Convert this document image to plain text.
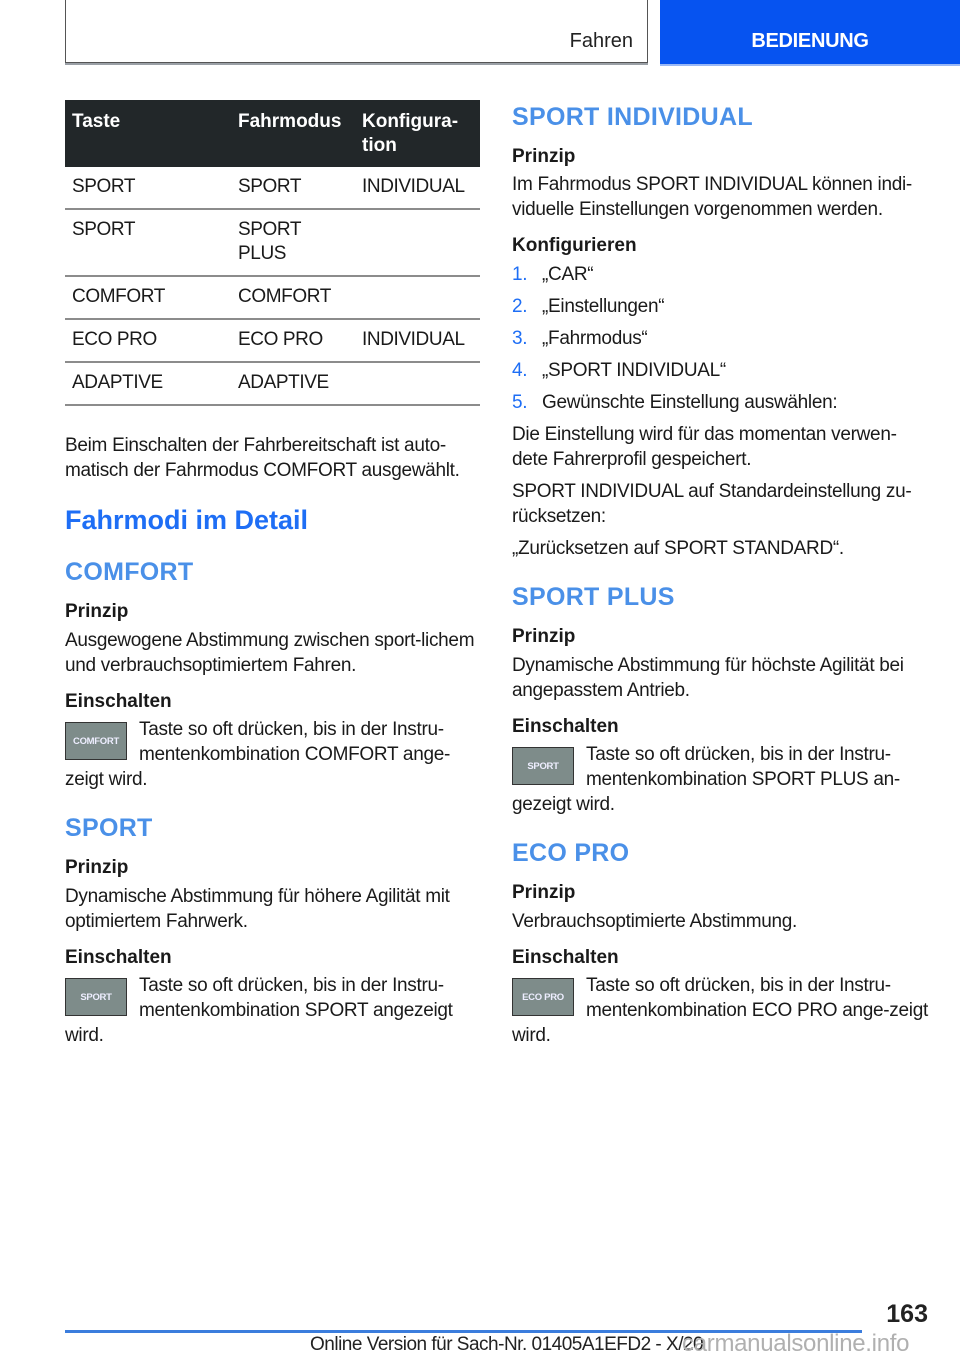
Fahren	BEDIENUNG
Taste	Fahrmodus	Konfigura-
tion
SPORT	SPORT	INDIVIDUAL
SPORT	SPORT PLUS	
COMFORT	COMFORT	
ECO PRO	ECO PRO	INDIVIDUAL
ADAPTIVE	ADAPTIVE	

Beim Einschalten der Fahrbereitschaft ist auto-matisch der Fahrmodus COMFORT ausgewählt.

Fahrmodi im Detail

COMFORT

Prinzip

Ausgewogene Abstimmung zwischen sport-lichem und verbrauchsoptimiertem Fahren.

Einschalten

COMFORT

Taste so oft drücken, bis in der Instru-mentenkombination COMFORT ange-zeigt wird.

SPORT

Prinzip

Dynamische Abstimmung für höhere Agilität mit optimiertem Fahrwerk.

Einschalten

SPORT

Taste so oft drücken, bis in der Instru-mentenkombination SPORT angezeigt wird.

SPORT INDIVIDUAL

Prinzip

Im Fahrmodus SPORT INDIVIDUAL können indi-viduelle Einstellungen vorgenommen werden.

Konfigurieren

1. „CAR“
2. „Einstellungen“
3. „Fahrmodus“
4. „SPORT INDIVIDUAL“
5. Gewünschte Einstellung auswählen:

Die Einstellung wird für das momentan verwen-dete Fahrerprofil gespeichert.

SPORT INDIVIDUAL auf Standardeinstellung zu-rücksetzen:

„Zurücksetzen auf SPORT STANDARD“.

SPORT PLUS

Prinzip

Dynamische Abstimmung für höchste Agilität bei angepasstem Antrieb.

Einschalten

SPORT

Taste so oft drücken, bis in der Instru-mentenkombination SPORT PLUS an-gezeigt wird.

ECO PRO

Prinzip

Verbrauchsoptimierte Abstimmung.

Einschalten

ECO PRO

Taste so oft drücken, bis in der Instru-mentenkombination ECO PRO ange-zeigt wird.

163
Online Version für Sach-Nr. 01405A1EFD2 - X/20
carmanualsonline.info
